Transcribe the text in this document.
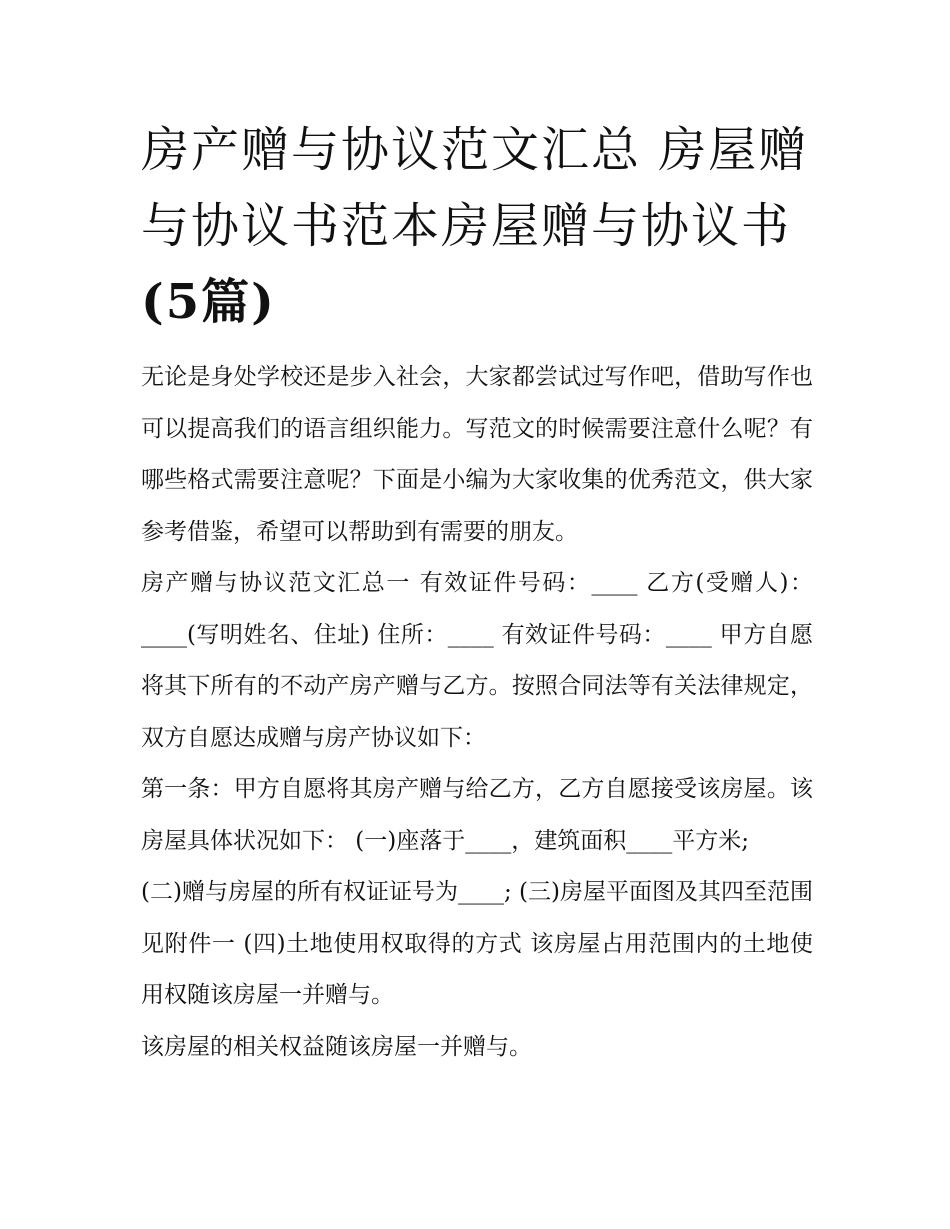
房产赠与协议范文汇总 房屋赠
与协议书范本房屋赠与协议书
(5篇)

无论是身处学校还是步入社会，大家都尝试过写作吧，借助写作也可以提高我们的语言组织能力。写范文的时候需要注意什么呢？有哪些格式需要注意呢？下面是小编为大家收集的优秀范文，供大家参考借鉴，希望可以帮助到有需要的朋友。

房产赠与协议范文汇总一 有效证件号码：____ 乙方(受赠人)：____(写明姓名、住址) 住所：____ 有效证件号码：____ 甲方自愿将其下所有的不动产房产赠与乙方。按照合同法等有关法律规定，双方自愿达成赠与房产协议如下：

第一条：甲方自愿将其房产赠与给乙方，乙方自愿接受该房屋。该房屋具体状况如下： (一)座落于____，建筑面积____平方米;

(二)赠与房屋的所有权证证号为____; (三)房屋平面图及其四至范围见附件一 (四)土地使用权取得的方式 该房屋占用范围内的土地使用权随该房屋一并赠与。

该房屋的相关权益随该房屋一并赠与。
